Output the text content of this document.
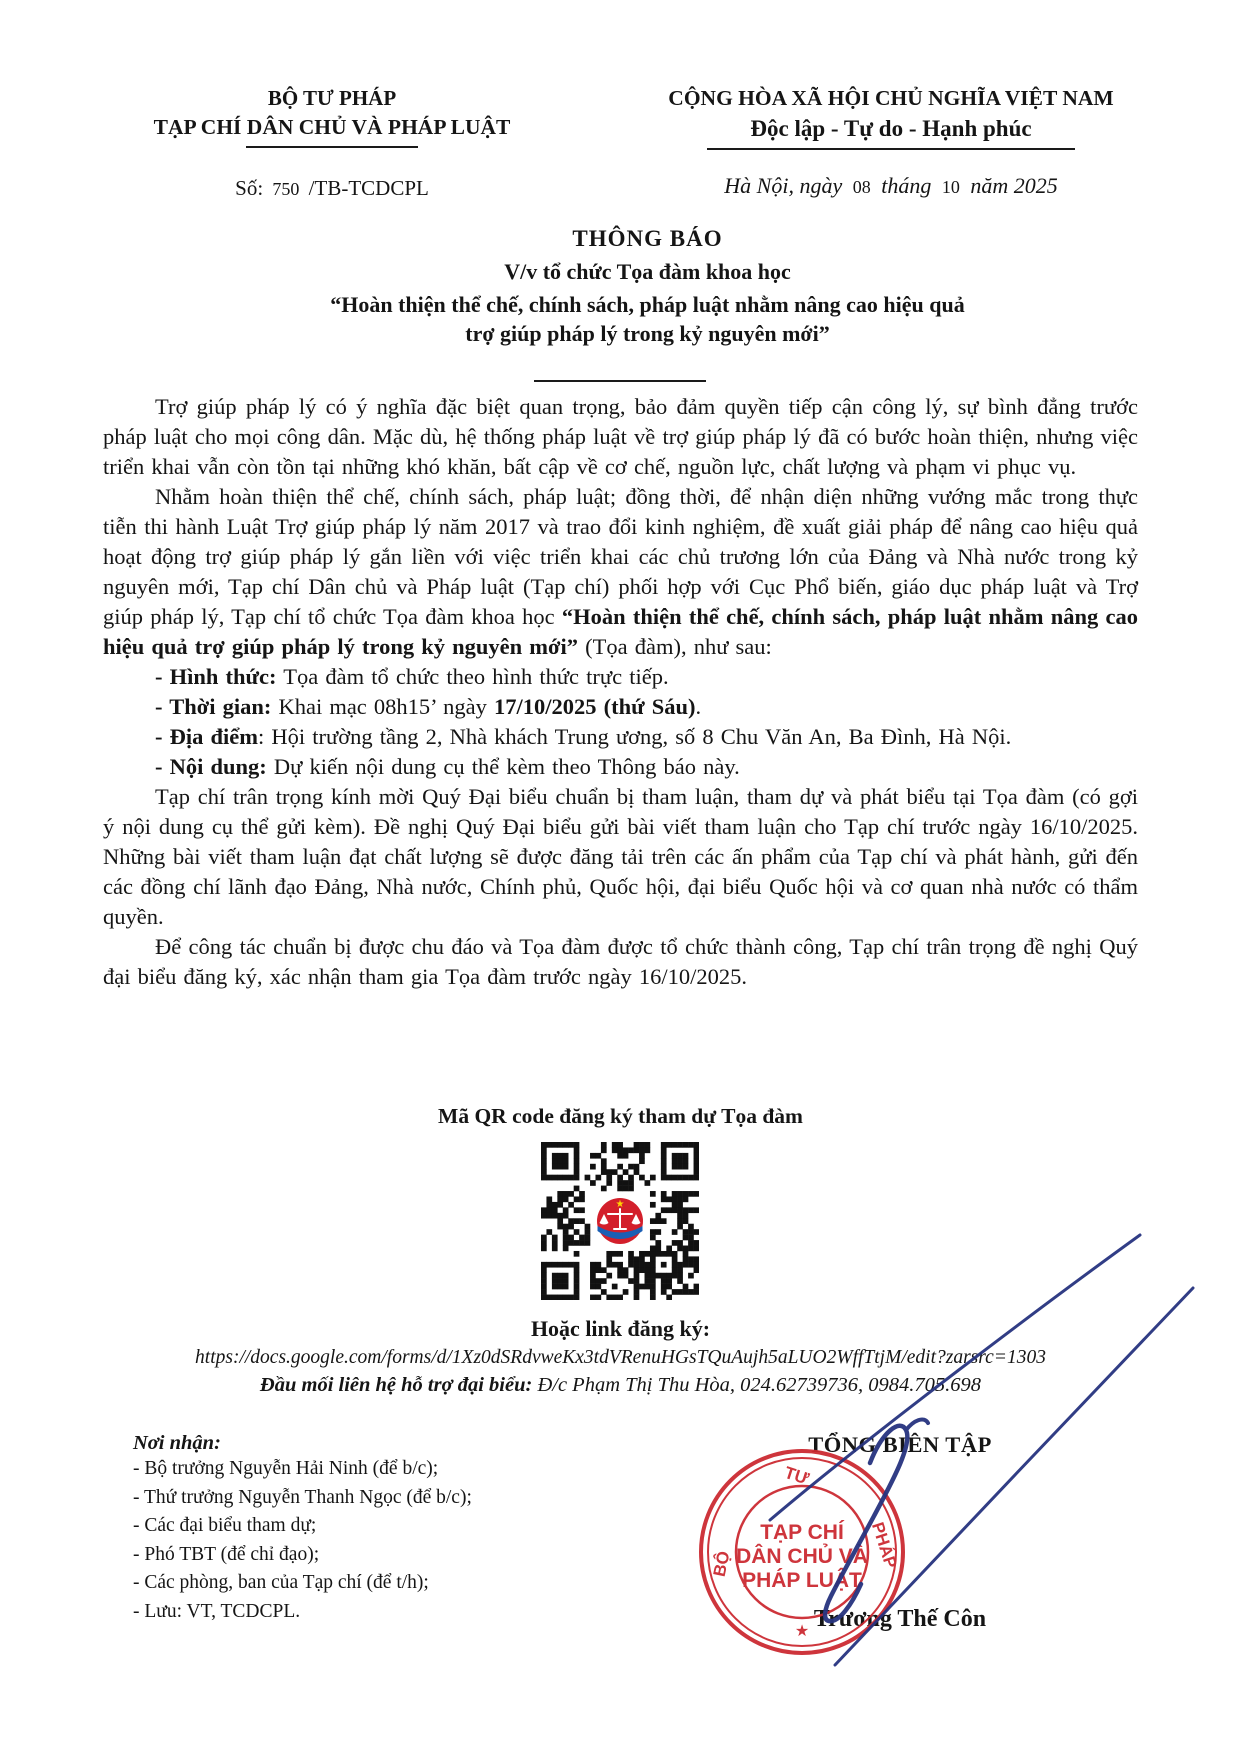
BỘ TƯ PHÁP
TẠP CHÍ DÂN CHỦ VÀ PHÁP LUẬT
CỘNG HÒA XÃ HỘI CHỦ NGHĨA VIỆT NAM
Độc lập - Tự do - Hạnh phúc
Số: 750 /TB-TCDCPL	Hà Nội, ngày 08 tháng 10 năm 2025
THÔNG BÁO
V/v tổ chức Tọa đàm khoa học
“Hoàn thiện thể chế, chính sách, pháp luật nhằm nâng cao hiệu quả
trợ giúp pháp lý trong kỷ nguyên mới”

Trợ giúp pháp lý có ý nghĩa đặc biệt quan trọng, bảo đảm quyền tiếp cận công lý, sự bình đẳng trước pháp luật cho mọi công dân. Mặc dù, hệ thống pháp luật về trợ giúp pháp lý đã có bước hoàn thiện, nhưng việc triển khai vẫn còn tồn tại những khó khăn, bất cập về cơ chế, nguồn lực, chất lượng và phạm vi phục vụ.

Nhằm hoàn thiện thể chế, chính sách, pháp luật; đồng thời, để nhận diện những vướng mắc trong thực tiễn thi hành Luật Trợ giúp pháp lý năm 2017 và trao đổi kinh nghiệm, đề xuất giải pháp để nâng cao hiệu quả hoạt động trợ giúp pháp lý gắn liền với việc triển khai các chủ trương lớn của Đảng và Nhà nước trong kỷ nguyên mới, Tạp chí Dân chủ và Pháp luật (Tạp chí) phối hợp với Cục Phổ biến, giáo dục pháp luật và Trợ giúp pháp lý, Tạp chí tổ chức Tọa đàm khoa học “Hoàn thiện thể chế, chính sách, pháp luật nhằm nâng cao hiệu quả trợ giúp pháp lý trong kỷ nguyên mới” (Tọa đàm), như sau:

- Hình thức: Tọa đàm tổ chức theo hình thức trực tiếp.

- Thời gian: Khai mạc 08h15’ ngày 17/10/2025 (thứ Sáu).

- Địa điểm: Hội trường tầng 2, Nhà khách Trung ương, số 8 Chu Văn An, Ba Đình, Hà Nội.

- Nội dung: Dự kiến nội dung cụ thể kèm theo Thông báo này.

Tạp chí trân trọng kính mời Quý Đại biểu chuẩn bị tham luận, tham dự và phát biểu tại Tọa đàm (có gợi ý nội dung cụ thể gửi kèm). Đề nghị Quý Đại biểu gửi bài viết tham luận cho Tạp chí trước ngày 16/10/2025. Những bài viết tham luận đạt chất lượng sẽ được đăng tải trên các ấn phẩm của Tạp chí và phát hành, gửi đến các đồng chí lãnh đạo Đảng, Nhà nước, Chính phủ, Quốc hội, đại biểu Quốc hội và cơ quan nhà nước có thẩm quyền.

Để công tác chuẩn bị được chu đáo và Tọa đàm được tổ chức thành công, Tạp chí trân trọng đề nghị Quý đại biểu đăng ký, xác nhận tham gia Tọa đàm trước ngày 16/10/2025.

Mã QR code đăng ký tham dự Tọa đàm
★
Hoặc link đăng ký:
https://docs.google.com/forms/d/1Xz0dSRdvweKx3tdVRenuHGsTQuAujh5aLUO2WffTtjM/edit?zarsrc=1303
Đầu mối liên hệ hỗ trợ đại biểu: Đ/c Phạm Thị Thu Hòa, 024.62739736, 0984.705.698
Nơi nhận:
- Bộ trưởng Nguyễn Hải Ninh (để b/c);
- Thứ trưởng Nguyễn Thanh Ngọc (để b/c);
- Các đại biểu tham dự;
- Phó TBT (để chỉ đạo);
- Các phòng, ban của Tạp chí (để t/h);
- Lưu: VT, TCDCPL.
TỔNG BIÊN TẬP
Trương Thế Côn
TẠP CHÍ
DÂN CHỦ VÀ
PHÁP LUẬT
BỘ
TƯ
PHÁP
★
